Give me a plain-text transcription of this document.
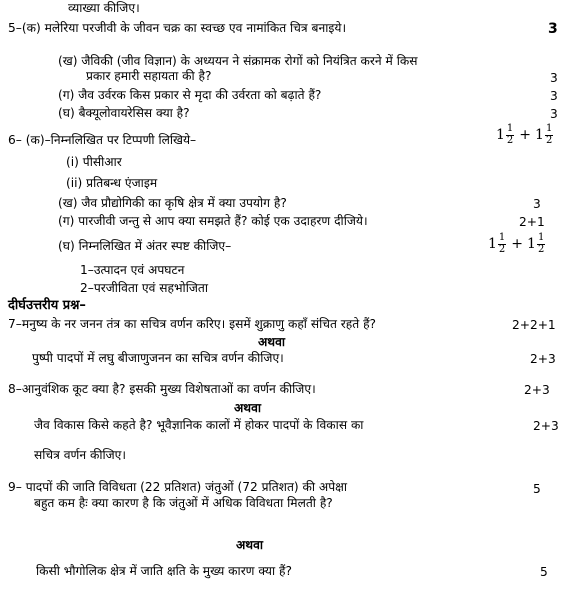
व्याख्या कीजिए।
5–(क) मलेरिया परजीवी के जीवन चक्र का स्वच्छ एव नामांकित चित्र बनाइये।	3
(ख) जैविकी (जीव विज्ञान) के अध्ययन ने संक्रामक रोगों को नियंत्रित करने में किस
प्रकार हमारी सहायता की है?	3
(ग) जैव उर्वरक किस प्रकार से मृदा की उर्वरता को बढ़ाते हैं?	3
(घ) बैक्यूलोवायरेसिस क्या है?	3
6– (क)–निम्नलिखित पर टिप्पणी लिखिये–	1 1
2 + 1 1
2
(i) पीसीआर
(ii) प्रतिबन्ध एंजाइम
(ख) जैव प्रौद्योगिकी का कृषि क्षेत्र में क्या उपयोग है?	3
(ग) पारजीवी जन्तु से आप क्या समझते हैं? कोई एक उदाहरण दीजिये।	2+1
(घ) निम्नलिखित में अंतर स्पष्ट कीजिए–	1 1
2 + 1 1
2
1–उत्पादन एवं अपघटन
2–परजीविता एवं सहभोजिता
दीर्घउत्तरीय प्रश्न–
7–मनुष्य के नर जनन तंत्र का सचित्र वर्णन करिए। इसमें शुक्राणु कहाँ संचित रहते हैं?	2+2+1
अथवा
पुष्पी पादपों में लघु बीजाणुजनन का सचित्र वर्णन कीजिए।	2+3
8–आनुवंशिक कूट क्या है? इसकी मुख्य विशेषताओं का वर्णन कीजिए।	2+3
अथवा
जैव विकास किसे कहते है? भूवैज्ञानिक कालों में होकर पादपों के विकास का	2+3
सचित्र वर्णन कीजिए।
9– पादपों की जाति विविधता (22 प्रतिशत) जंतुओं (72 प्रतिशत) की अपेक्षा	5
बहुत कम हैः क्या कारण है कि जंतुओं में अधिक विविधता मिलती है?
अथवा
किसी भौगोलिक क्षेत्र में जाति क्षति के मुख्य कारण क्या हैं?	5
